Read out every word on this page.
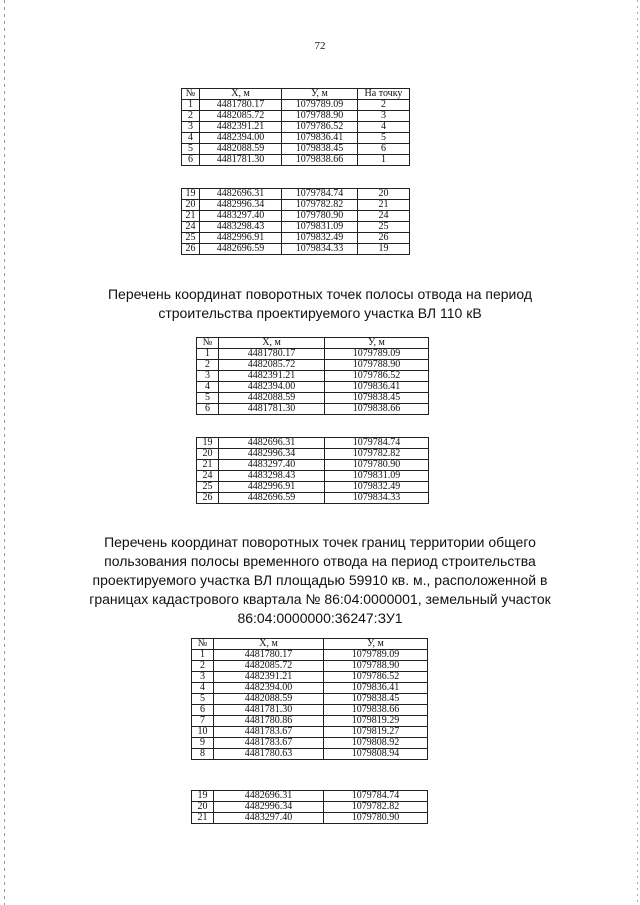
72
№	X, м	У, м	На точку
1	4481780.17	1079789.09	2
2	4482085.72	1079788.90	3
3	4482391.21	1079786.52	4
4	4482394.00	1079836.41	5
5	4482088.59	1079838.45	6
6	4481781.30	1079838.66	1
19	4482696.31	1079784.74	20
20	4482996.34	1079782.82	21
21	4483297.40	1079780.90	24
24	4483298.43	1079831.09	25
25	4482996.91	1079832.49	26
26	4482696.59	1079834.33	19
Перечень координат поворотных точек полосы отвода на период
строительства проектируемого участка ВЛ 110 кВ
№	X, м	У, м
1	4481780.17	1079789.09
2	4482085.72	1079788.90
3	4482391.21	1079786.52
4	4482394.00	1079836.41
5	4482088.59	1079838.45
6	4481781.30	1079838.66
19	4482696.31	1079784.74
20	4482996.34	1079782.82
21	4483297.40	1079780.90
24	4483298.43	1079831.09
25	4482996.91	1079832.49
26	4482696.59	1079834.33
Перечень координат поворотных точек границ территории общего
пользования полосы временного отвода на период строительства
проектируемого участка ВЛ площадью 59910 кв. м., расположенной в
границах кадастрового квартала № 86:04:0000001, земельный участок
86:04:0000000:36247:ЗУ1
№	X, м	У, м
1	4481780.17	1079789.09
2	4482085.72	1079788.90
3	4482391.21	1079786.52
4	4482394.00	1079836.41
5	4482088.59	1079838.45
6	4481781.30	1079838.66
7	4481780.86	1079819.29
10	4481783.67	1079819.27
9	4481783.67	1079808.92
8	4481780.63	1079808.94
19	4482696.31	1079784.74
20	4482996.34	1079782.82
21	4483297.40	1079780.90
